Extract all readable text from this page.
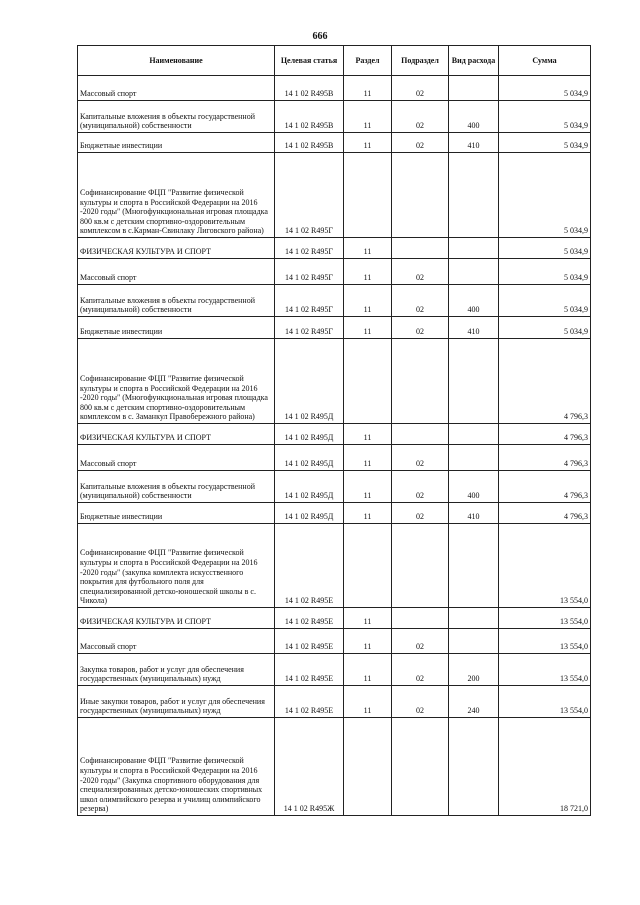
666
Наименование	Целевая статья	Раздел	Подраздел	Вид расхода	Сумма

Массовый спорт	14 1 02 R495В	11	02		5 034,9

Капитальные вложения в объекты государственной (муниципальной) собственности	14 1 02 R495В	11	02	400	5 034,9

Бюджетные инвестиции	14 1 02 R495В	11	02	410	5 034,9

Софинансирование ФЦП "Развитие физической культуры и спорта в Российской Федерации на 2016 -2020 годы" (Многофункциональная игровая площадка 800 кв.м с детским спортивно-оздоровительным комплексом в с.Карман-Свинлаку Лиговского района)	14 1 02 R495Г				5 034,9

ФИЗИЧЕСКАЯ КУЛЬТУРА И СПОРТ	14 1 02 R495Г	11			5 034,9

Массовый спорт	14 1 02 R495Г	11	02		5 034,9

Капитальные вложения в объекты государственной (муниципальной) собственности	14 1 02 R495Г	11	02	400	5 034,9

Бюджетные инвестиции	14 1 02 R495Г	11	02	410	5 034,9

Софинансирование ФЦП "Развитие физической культуры и спорта в Российской Федерации на 2016 -2020 годы" (Многофункциональная игровая площадка 800 кв.м с детским спортивно-оздоровительным комплексом в с. Заманкул Правобережного района)	14 1 02 R495Д				4 796,3

ФИЗИЧЕСКАЯ КУЛЬТУРА И СПОРТ	14 1 02 R495Д	11			4 796,3

Массовый спорт	14 1 02 R495Д	11	02		4 796,3

Капитальные вложения в объекты государственной (муниципальной) собственности	14 1 02 R495Д	11	02	400	4 796,3

Бюджетные инвестиции	14 1 02 R495Д	11	02	410	4 796,3

Софинансирование ФЦП "Развитие физической культуры и спорта в Российской Федерации на 2016 -2020 годы" (закупка комплекта искусственного покрытия для футбольного поля для специализированной детско-юношеской школы в с. Чикола)	14 1 02 R495Е				13 554,0

ФИЗИЧЕСКАЯ КУЛЬТУРА И СПОРТ	14 1 02 R495Е	11			13 554,0

Массовый спорт	14 1 02 R495Е	11	02		13 554,0

Закупка товаров, работ и услуг для обеспечения государственных (муниципальных) нужд	14 1 02 R495Е	11	02	200	13 554,0

Иные закупки товаров, работ и услуг для обеспечения государственных (муниципальных) нужд	14 1 02 R495Е	11	02	240	13 554,0

Софинансирование ФЦП "Развитие физической культуры и спорта в Российской Федерации на 2016 -2020 годы" (Закупка спортивного оборудования для специализированных детско-юношеских спортивных школ олимпийского резерва и училищ олимпийского резерва)	14 1 02 R495Ж				18 721,0
